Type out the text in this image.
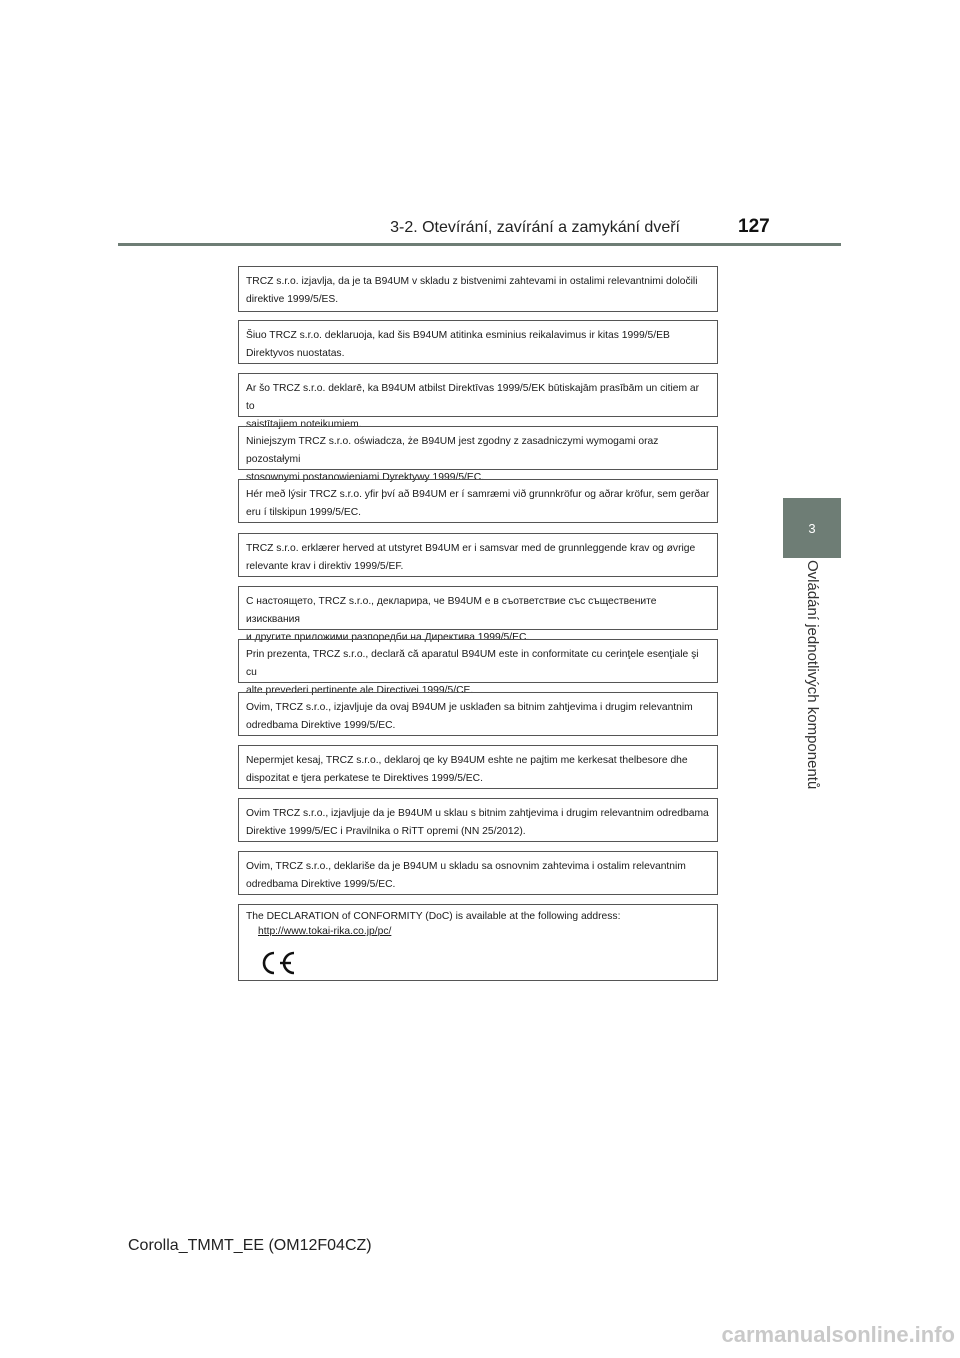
3-2. Otevírání, zavírání a zamykání dveří	127
3
Ovládání jednotlivých komponentů
TRCZ s.r.o. izjavlja, da je ta B94UM v skladu z bistvenimi zahtevami in ostalimi relevantnimi določili
direktive 1999/5/ES.
Šiuo TRCZ s.r.o. deklaruoja, kad šis B94UM atitinka esminius reikalavimus ir kitas 1999/5/EB
Direktyvos nuostatas.
Ar šo TRCZ s.r.o. deklarē, ka B94UM atbilst Direktīvas 1999/5/EK būtiskajām prasībām un citiem ar to
saistītajiem noteikumiem.
Niniejszym TRCZ s.r.o. oświadcza, że B94UM jest zgodny z zasadniczymi wymogami oraz pozostałymi
stosownymi postanowieniami Dyrektywy 1999/5/EC.
Hér með lýsir TRCZ s.r.o. yfir því að B94UM er í samræmi við grunnkröfur og aðrar kröfur, sem gerðar
eru í tilskipun 1999/5/EC.
TRCZ s.r.o. erklærer herved at utstyret B94UM er i samsvar med de grunnleggende krav og øvrige
relevante krav i direktiv 1999/5/EF.
С настоящето, TRCZ s.r.o., декларира, че B94UM е в съответствие със съществените изисквания
и другите приложими разпоредби на Директива 1999/5/EC.
Prin prezenta, TRCZ s.r.o., declară că aparatul B94UM este in conformitate cu cerinţele esenţiale şi cu
alte prevederi pertinente ale Directivei 1999/5/CE.
Ovim, TRCZ s.r.o., izjavljuje da ovaj B94UM je usklađen sa bitnim zahtjevima i drugim relevantnim
odredbama Direktive 1999/5/EC.
Nepermjet kesaj, TRCZ s.r.o., deklaroj qe ky B94UM eshte ne pajtim me kerkesat thelbesore dhe
dispozitat e tjera perkatese te Direktives 1999/5/EC.
Ovim TRCZ s.r.o., izjavljuje da je B94UM u sklau s bitnim zahtjevima i drugim relevantnim odredbama
Direktive 1999/5/EC i Pravilnika o RiTT opremi (NN 25/2012).
Ovim, TRCZ s.r.o., deklariše da je B94UM u skladu sa osnovnim zahtevima i ostalim relevantnim
odredbama Direktive 1999/5/EC.
The DECLARATION of CONFORMITY (DoC) is available at the following address:
http://www.tokai-rika.co.jp/pc/
Corolla_TMMT_EE (OM12F04CZ)
carmanualsonline.info
